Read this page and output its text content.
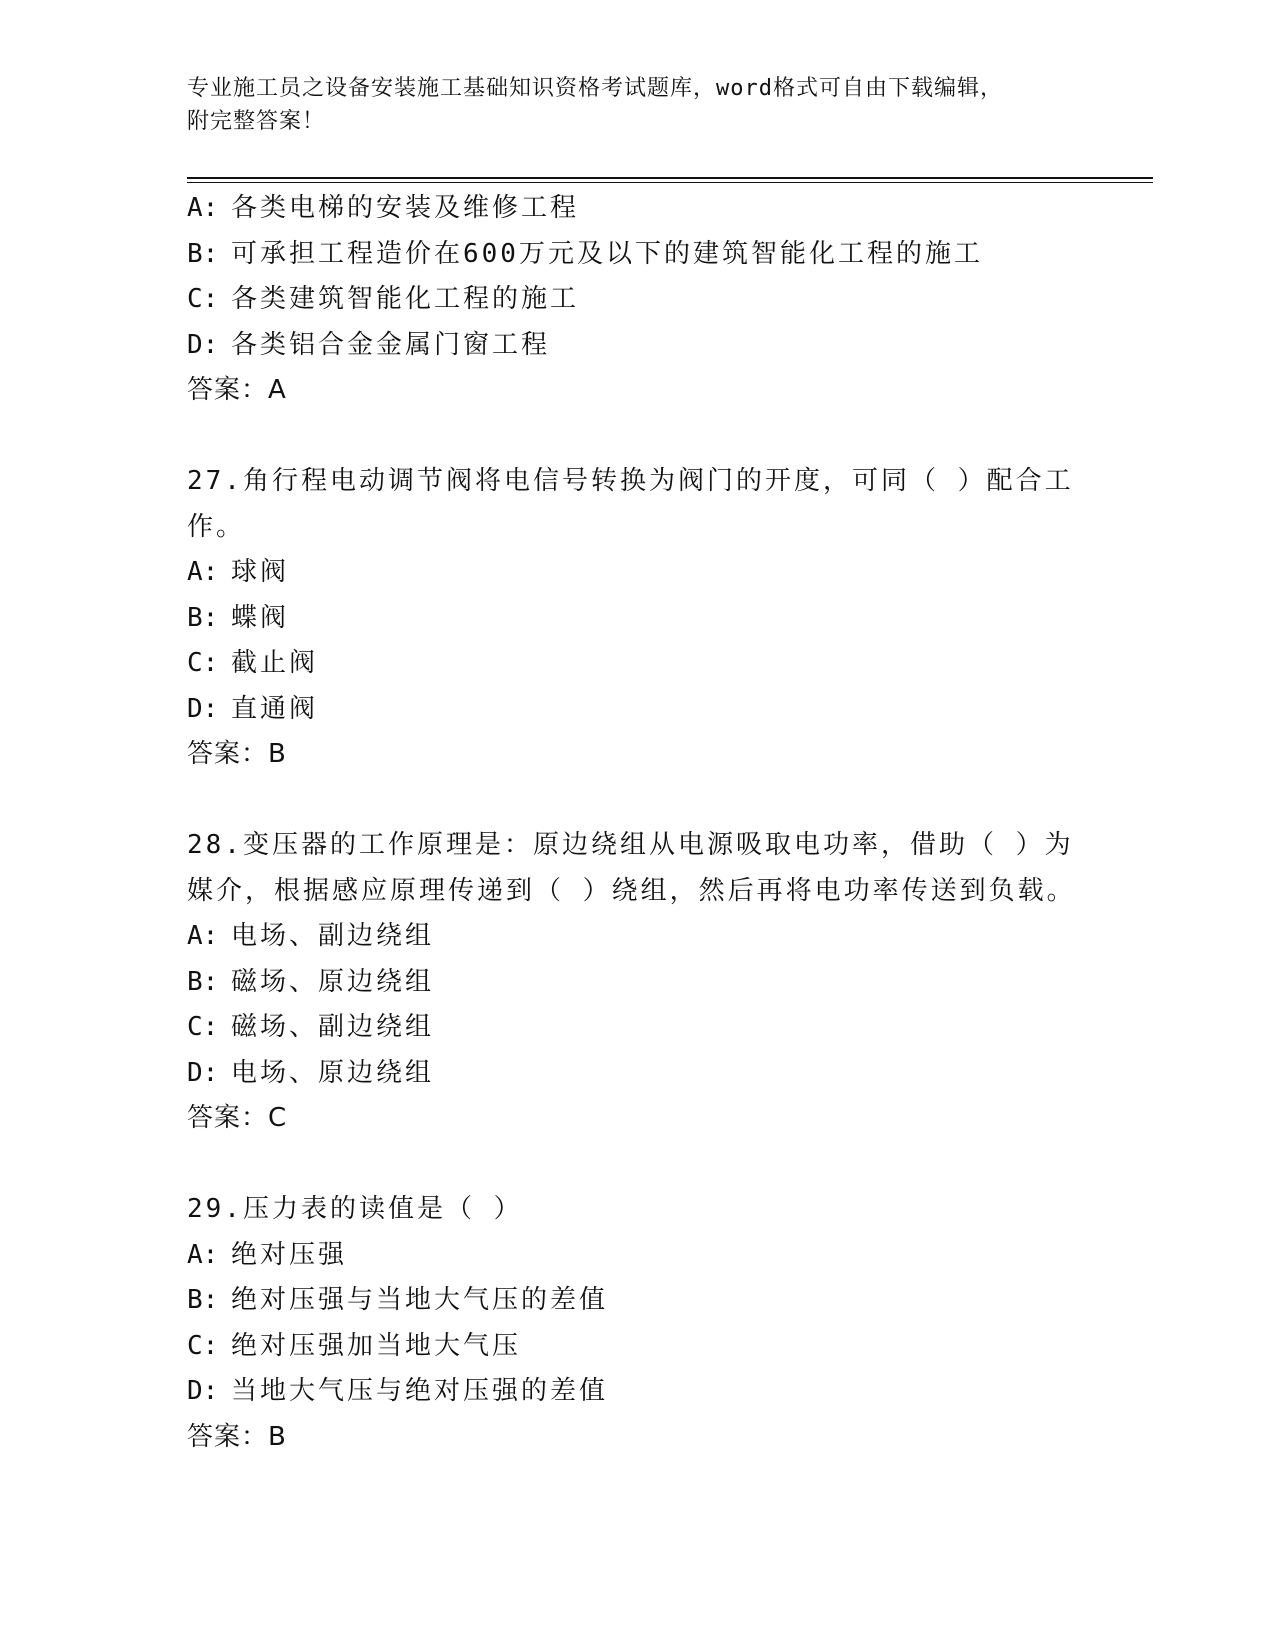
专业施工员之设备安装施工基础知识资格考试题库，word格式可自由下载编辑，
附完整答案！
A: 各类电梯的安装及维修工程
B: 可承担工程造价在600万元及以下的建筑智能化工程的施工
C: 各类建筑智能化工程的施工
D: 各类铝合金金属门窗工程
答案：A
27.角行程电动调节阀将电信号转换为阀门的开度，可同（ ）配合工
作。
A: 球阀
B: 蝶阀
C: 截止阀
D: 直通阀
答案：B
28.变压器的工作原理是：原边绕组从电源吸取电功率，借助（ ）为
媒介，根据感应原理传递到（ ）绕组，然后再将电功率传送到负载。
A: 电场、副边绕组
B: 磁场、原边绕组
C: 磁场、副边绕组
D: 电场、原边绕组
答案：C
29.压力表的读值是（ ）
A: 绝对压强
B: 绝对压强与当地大气压的差值
C: 绝对压强加当地大气压
D: 当地大气压与绝对压强的差值
答案：B
